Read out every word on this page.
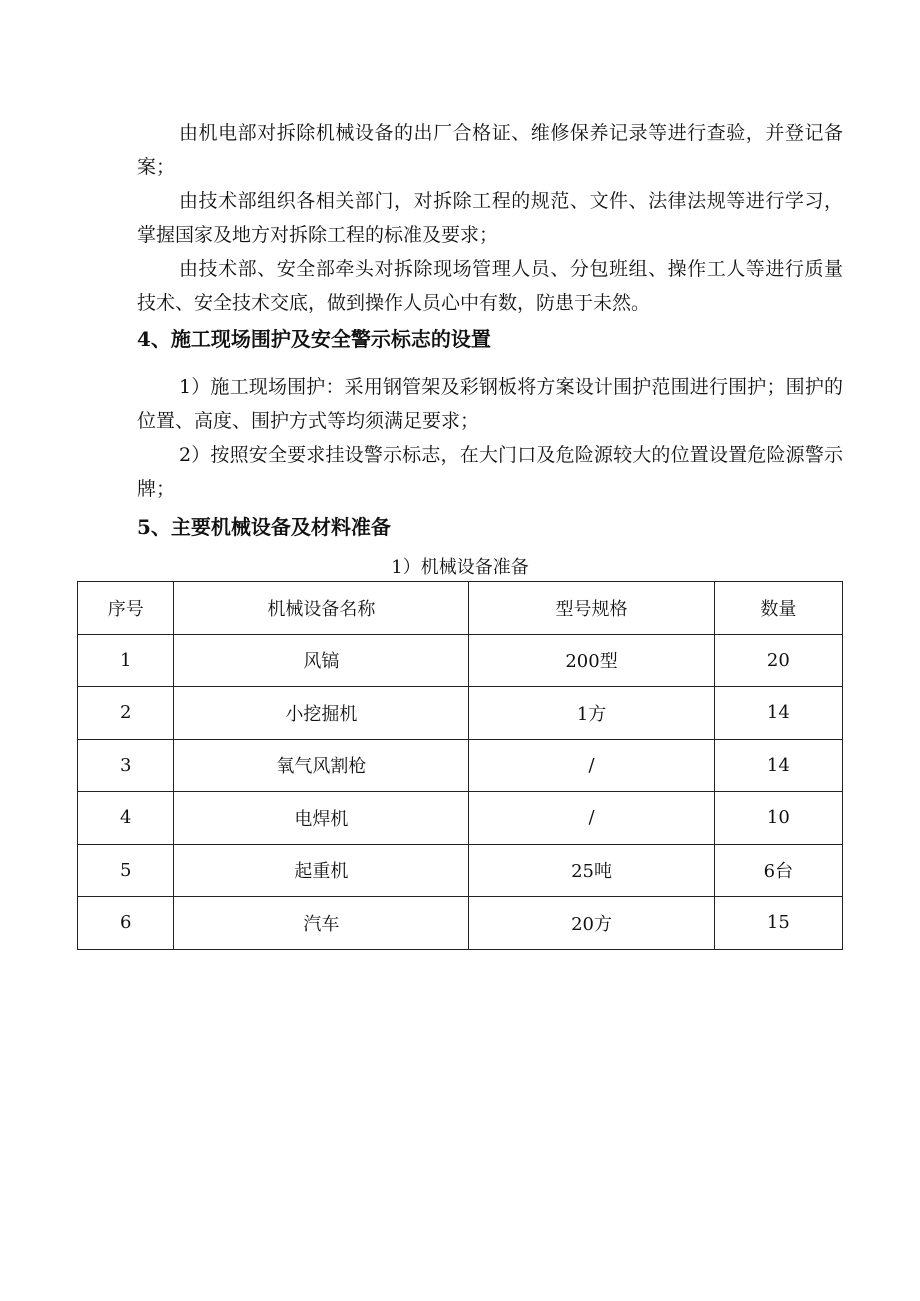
由机电部对拆除机械设备的出厂合格证、维修保养记录等进行查验，并登记备案；

由技术部组织各相关部门，对拆除工程的规范、文件、法律法规等进行学习，掌握国家及地方对拆除工程的标准及要求；

由技术部、安全部牵头对拆除现场管理人员、分包班组、操作工人等进行质量技术、安全技术交底，做到操作人员心中有数，防患于未然。

4、施工现场围护及安全警示标志的设置

1）施工现场围护：采用钢管架及彩钢板将方案设计围护范围进行围护；围护的位置、高度、围护方式等均须满足要求；

2）按照安全要求挂设警示标志，在大门口及危险源较大的位置设置危险源警示牌；

5、主要机械设备及材料准备

1）机械设备准备

序号	机械设备名称	型号规格	数量
1	风镐	200型	20
2	小挖掘机	1方	14
3	氧气风割枪	/	14
4	电焊机	/	10
5	起重机	25吨	6台
6	汽车	20方	15
